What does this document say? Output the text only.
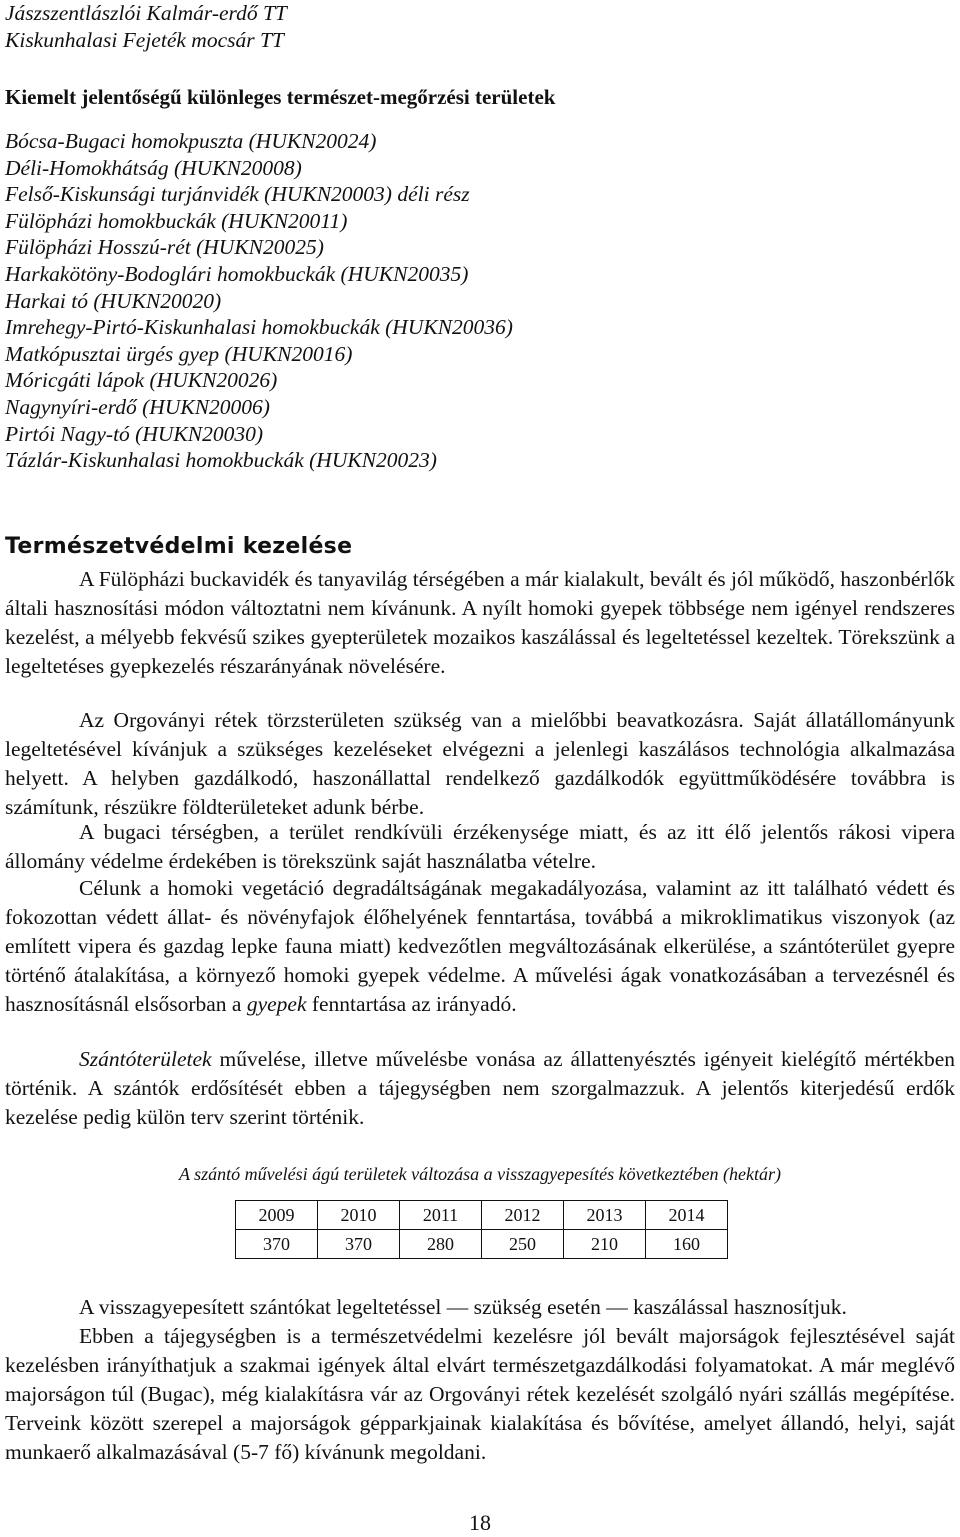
Jászszentlászlói Kalmár-erdő TT
Kiskunhalasi Fejeték mocsár TT
Kiemelt jelentőségű különleges természet-megőrzési területek
Bócsa-Bugaci homokpuszta (HUKN20024)
Déli-Homokhátság (HUKN20008)
Felső-Kiskunsági turjánvidék (HUKN20003) déli rész
Fülöpházi homokbuckák (HUKN20011)
Fülöpházi Hosszú-rét (HUKN20025)
Harkakötöny-Bodoglári homokbuckák (HUKN20035)
Harkai tó (HUKN20020)
Imrehegy-Pirtó-Kiskunhalasi homokbuckák (HUKN20036)
Matkópusztai ürgés gyep (HUKN20016)
Móricgáti lápok (HUKN20026)
Nagynyíri-erdő (HUKN20006)
Pirtói Nagy-tó (HUKN20030)
Tázlár-Kiskunhalasi homokbuckák (HUKN20023)
Természetvédelmi kezelése

A Fülöpházi buckavidék és tanyavilág térségében a már kialakult, bevált és jól működő, haszonbérlők általi hasznosítási módon változtatni nem kívánunk. A nyílt homoki gyepek többsége nem igényel rendszeres kezelést, a mélyebb fekvésű szikes gyepterületek mozaikos kaszálással és legeltetéssel kezeltek. Törekszünk a legeltetéses gyepkezelés részarányának növelésére.

Az Orgoványi rétek törzsterületen szükség van a mielőbbi beavatkozásra. Saját állatállományunk legeltetésével kívánjuk a szükséges kezeléseket elvégezni a jelenlegi kaszálásos technológia alkalmazása helyett. A helyben gazdálkodó, haszonállattal rendelkező gazdálkodók együttműködésére továbbra is számítunk, részükre földterületeket adunk bérbe.

A bugaci térségben, a terület rendkívüli érzékenysége miatt, és az itt élő jelentős rákosi vipera állomány védelme érdekében is törekszünk saját használatba vételre.

Célunk a homoki vegetáció degradáltságának megakadályozása, valamint az itt található védett és fokozottan védett állat- és növényfajok élőhelyének fenntartása, továbbá a mikroklimatikus viszonyok (az említett vipera és gazdag lepke fauna miatt) kedvezőtlen megváltozásának elkerülése, a szántóterület gyepre történő átalakítása, a környező homoki gyepek védelme. A művelési ágak vonatkozásában a tervezésnél és hasznosításnál elsősorban a gyepek fenntartása az irányadó.

Szántóterületek művelése, illetve művelésbe vonása az állattenyésztés igényeit kielégítő mértékben történik. A szántók erdősítését ebben a tájegységben nem szorgalmazzuk. A jelentős kiterjedésű erdők kezelése pedig külön terv szerint történik.

A szántó művelési ágú területek változása a visszagyepesítés következtében (hektár)
2009	2010	2011	2012	2013	2014
370	370	280	250	210	160

A visszagyepesített szántókat legeltetéssel — szükség esetén — kaszálással hasznosítjuk.

Ebben a tájegységben is a természetvédelmi kezelésre jól bevált majorságok fejlesztésével saját kezelésben irányíthatjuk a szakmai igények által elvárt természetgazdálkodási folyamatokat. A már meglévő majorságon túl (Bugac), még kialakításra vár az Orgoványi rétek kezelését szolgáló nyári szállás megépítése. Terveink között szerepel a majorságok gépparkjainak kialakítása és bővítése, amelyet állandó, helyi, saját munkaerő alkalmazásával (5-7 fő) kívánunk megoldani.

18
